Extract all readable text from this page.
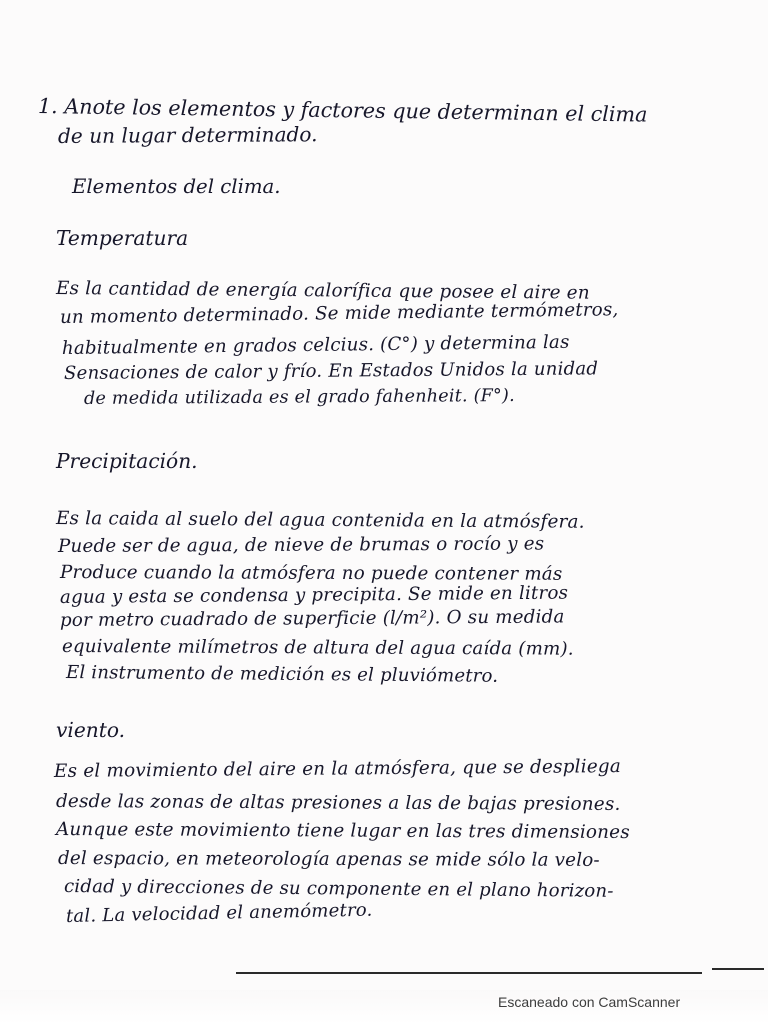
1. Anote los elementos y factores que determinan el clima
de un lugar determinado.
Elementos del clima.
Temperatura
Es la cantidad de energía calorífica que posee el aire en
un momento determinado. Se mide mediante termómetros,
habitualmente en grados celcius. (C°) y determina las
Sensaciones de calor y frío. En Estados Unidos la unidad
de medida utilizada es el grado fahenheit. (F°).
Precipitación.
Es la caida al suelo del agua contenida en la atmósfera.
Puede ser de agua, de nieve de brumas o rocío y es
Produce cuando la atmósfera no puede contener más
agua y esta se condensa y precipita. Se mide en litros
por metro cuadrado de superficie (l/m²). O su medida
equivalente milímetros de altura del agua caída (mm).
El instrumento de medición es el pluviómetro.
viento.
Es el movimiento del aire en la atmósfera, que se despliega
desde las zonas de altas presiones a las de bajas presiones.
Aunque este movimiento tiene lugar en las tres dimensiones
del espacio, en meteorología apenas se mide sólo la velo-
cidad y direcciones de su componente en el plano horizon-
tal. La velocidad el anemómetro.
Escaneado con CamScanner
